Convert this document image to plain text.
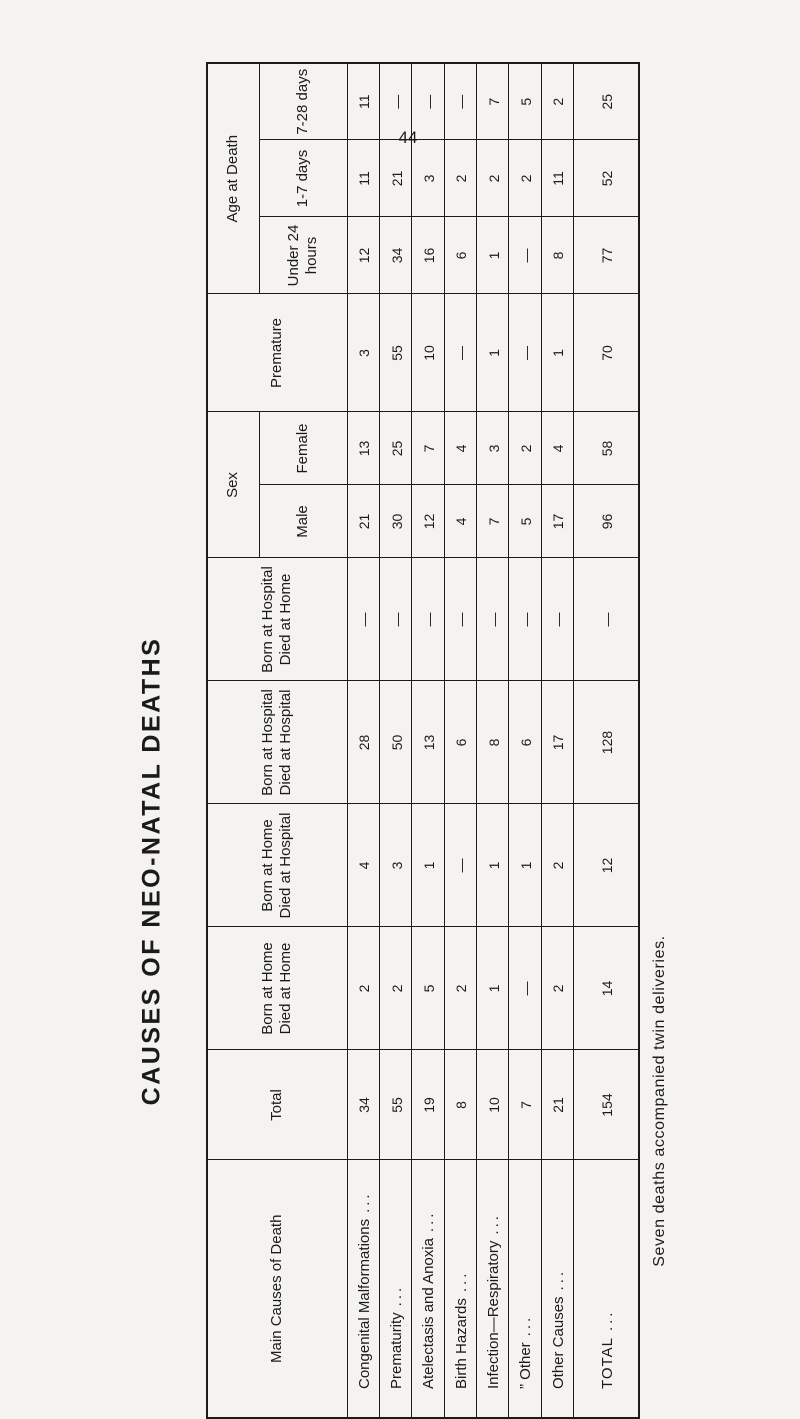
44
CAUSES OF NEO-NATAL DEATHS	Seven deaths accompanied twin deliveries.
Main Causes of Death	Total	Born at Home Died at Home	Born at Home Died at Hospital	Born at Hospital Died at Hospital	Born at Hospital Died at Home	Sex		Premature	Age at Death		
						Male	Female		Under 24 hours	1-7 days	7-28 days
Congenital Malformations...	34	2	4	28	—	21	13	3	12	11	11
Prematurity...	55	2	3	50	—	30	25	55	34	21	—
Atelectasis and Anoxia...	19	5	1	13	—	12	7	10	16	3	—
Birth Hazards...	8	2	—	6	—	4	4	—	6	2	—
Infection—Respiratory...	10	1	1	8	—	7	3	1	1	2	7
” Other...	7	—	1	6	—	5	2	—	—	2	5
Other Causes...	21	2	2	17	—	17	4	1	8	11	2
TOTAL...	154	14	12	128	—	96	58	70	77	52	25
